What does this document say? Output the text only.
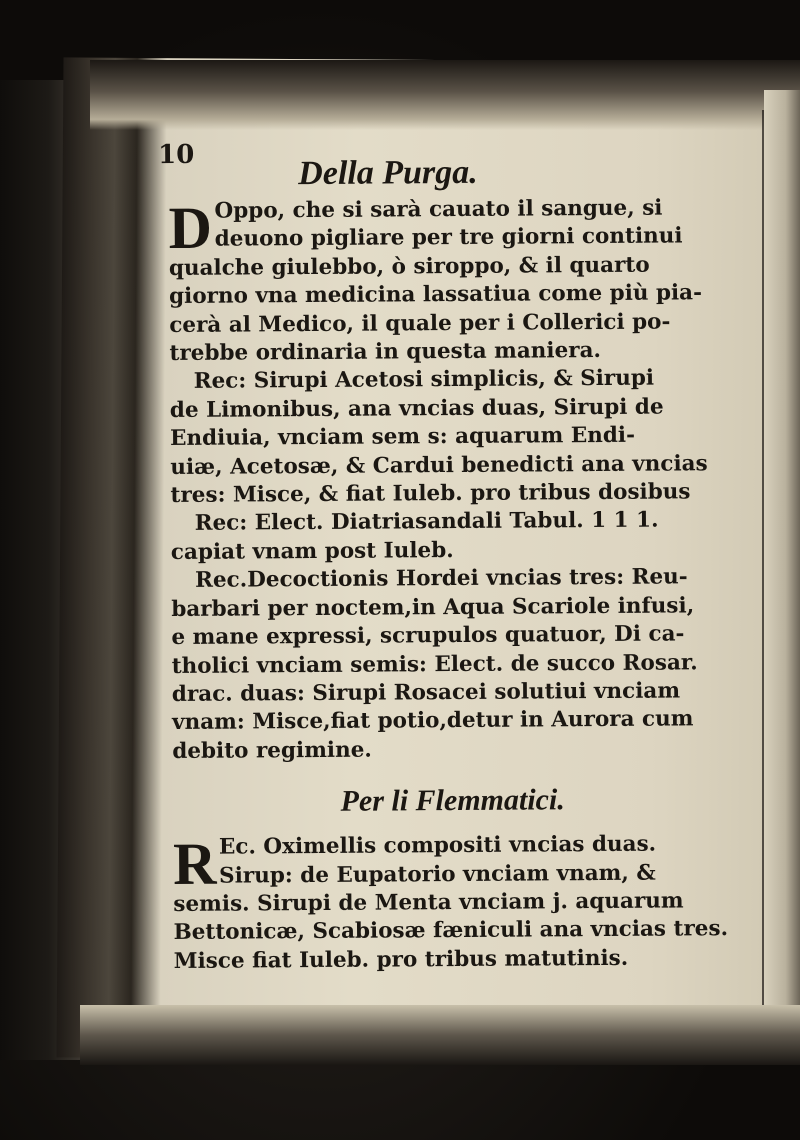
10	Della Purga.
D Oppo, che si sarà cauato il sangue, si
deuono pigliare per tre giorni continui
qualche giulebbo, ò siroppo, & il quarto
giorno vna medicina lassatiua come più pia-
cerà al Medico, il quale per i Collerici po-
trebbe ordinaria in questa maniera.
Rec: Sirupi Acetosi simplicis, & Sirupi
de Limonibus, ana vncias duas, Sirupi de
Endiuia, vnciam sem s: aquarum Endi-
uiæ, Acetosæ, & Cardui benedicti ana vncias
tres: Misce, & fiat Iuleb. pro tribus dosibus
Rec: Elect. Diatriasandali Tabul. 1 1 1.
capiat vnam post Iuleb.
Rec.Decoctionis Hordei vncias tres: Reu-
barbari per noctem,in Aqua Scariole infusi,
e mane expressi, scrupulos quatuor, Di ca-
tholici vnciam semis: Elect. de succo Rosar.
drac. duas: Sirupi Rosacei solutiui vnciam
vnam: Misce,fiat potio,detur in Aurora cum
debito regimine.
Per li Flemmatici.
R Ec. Oximellis compositi vncias duas.
Sirup: de Eupatorio vnciam vnam, &
semis. Sirupi de Menta vnciam j. aquarum
Bettonicæ, Scabiosæ fæniculi ana vncias tres.
Misce fiat Iuleb. pro tribus matutinis.
